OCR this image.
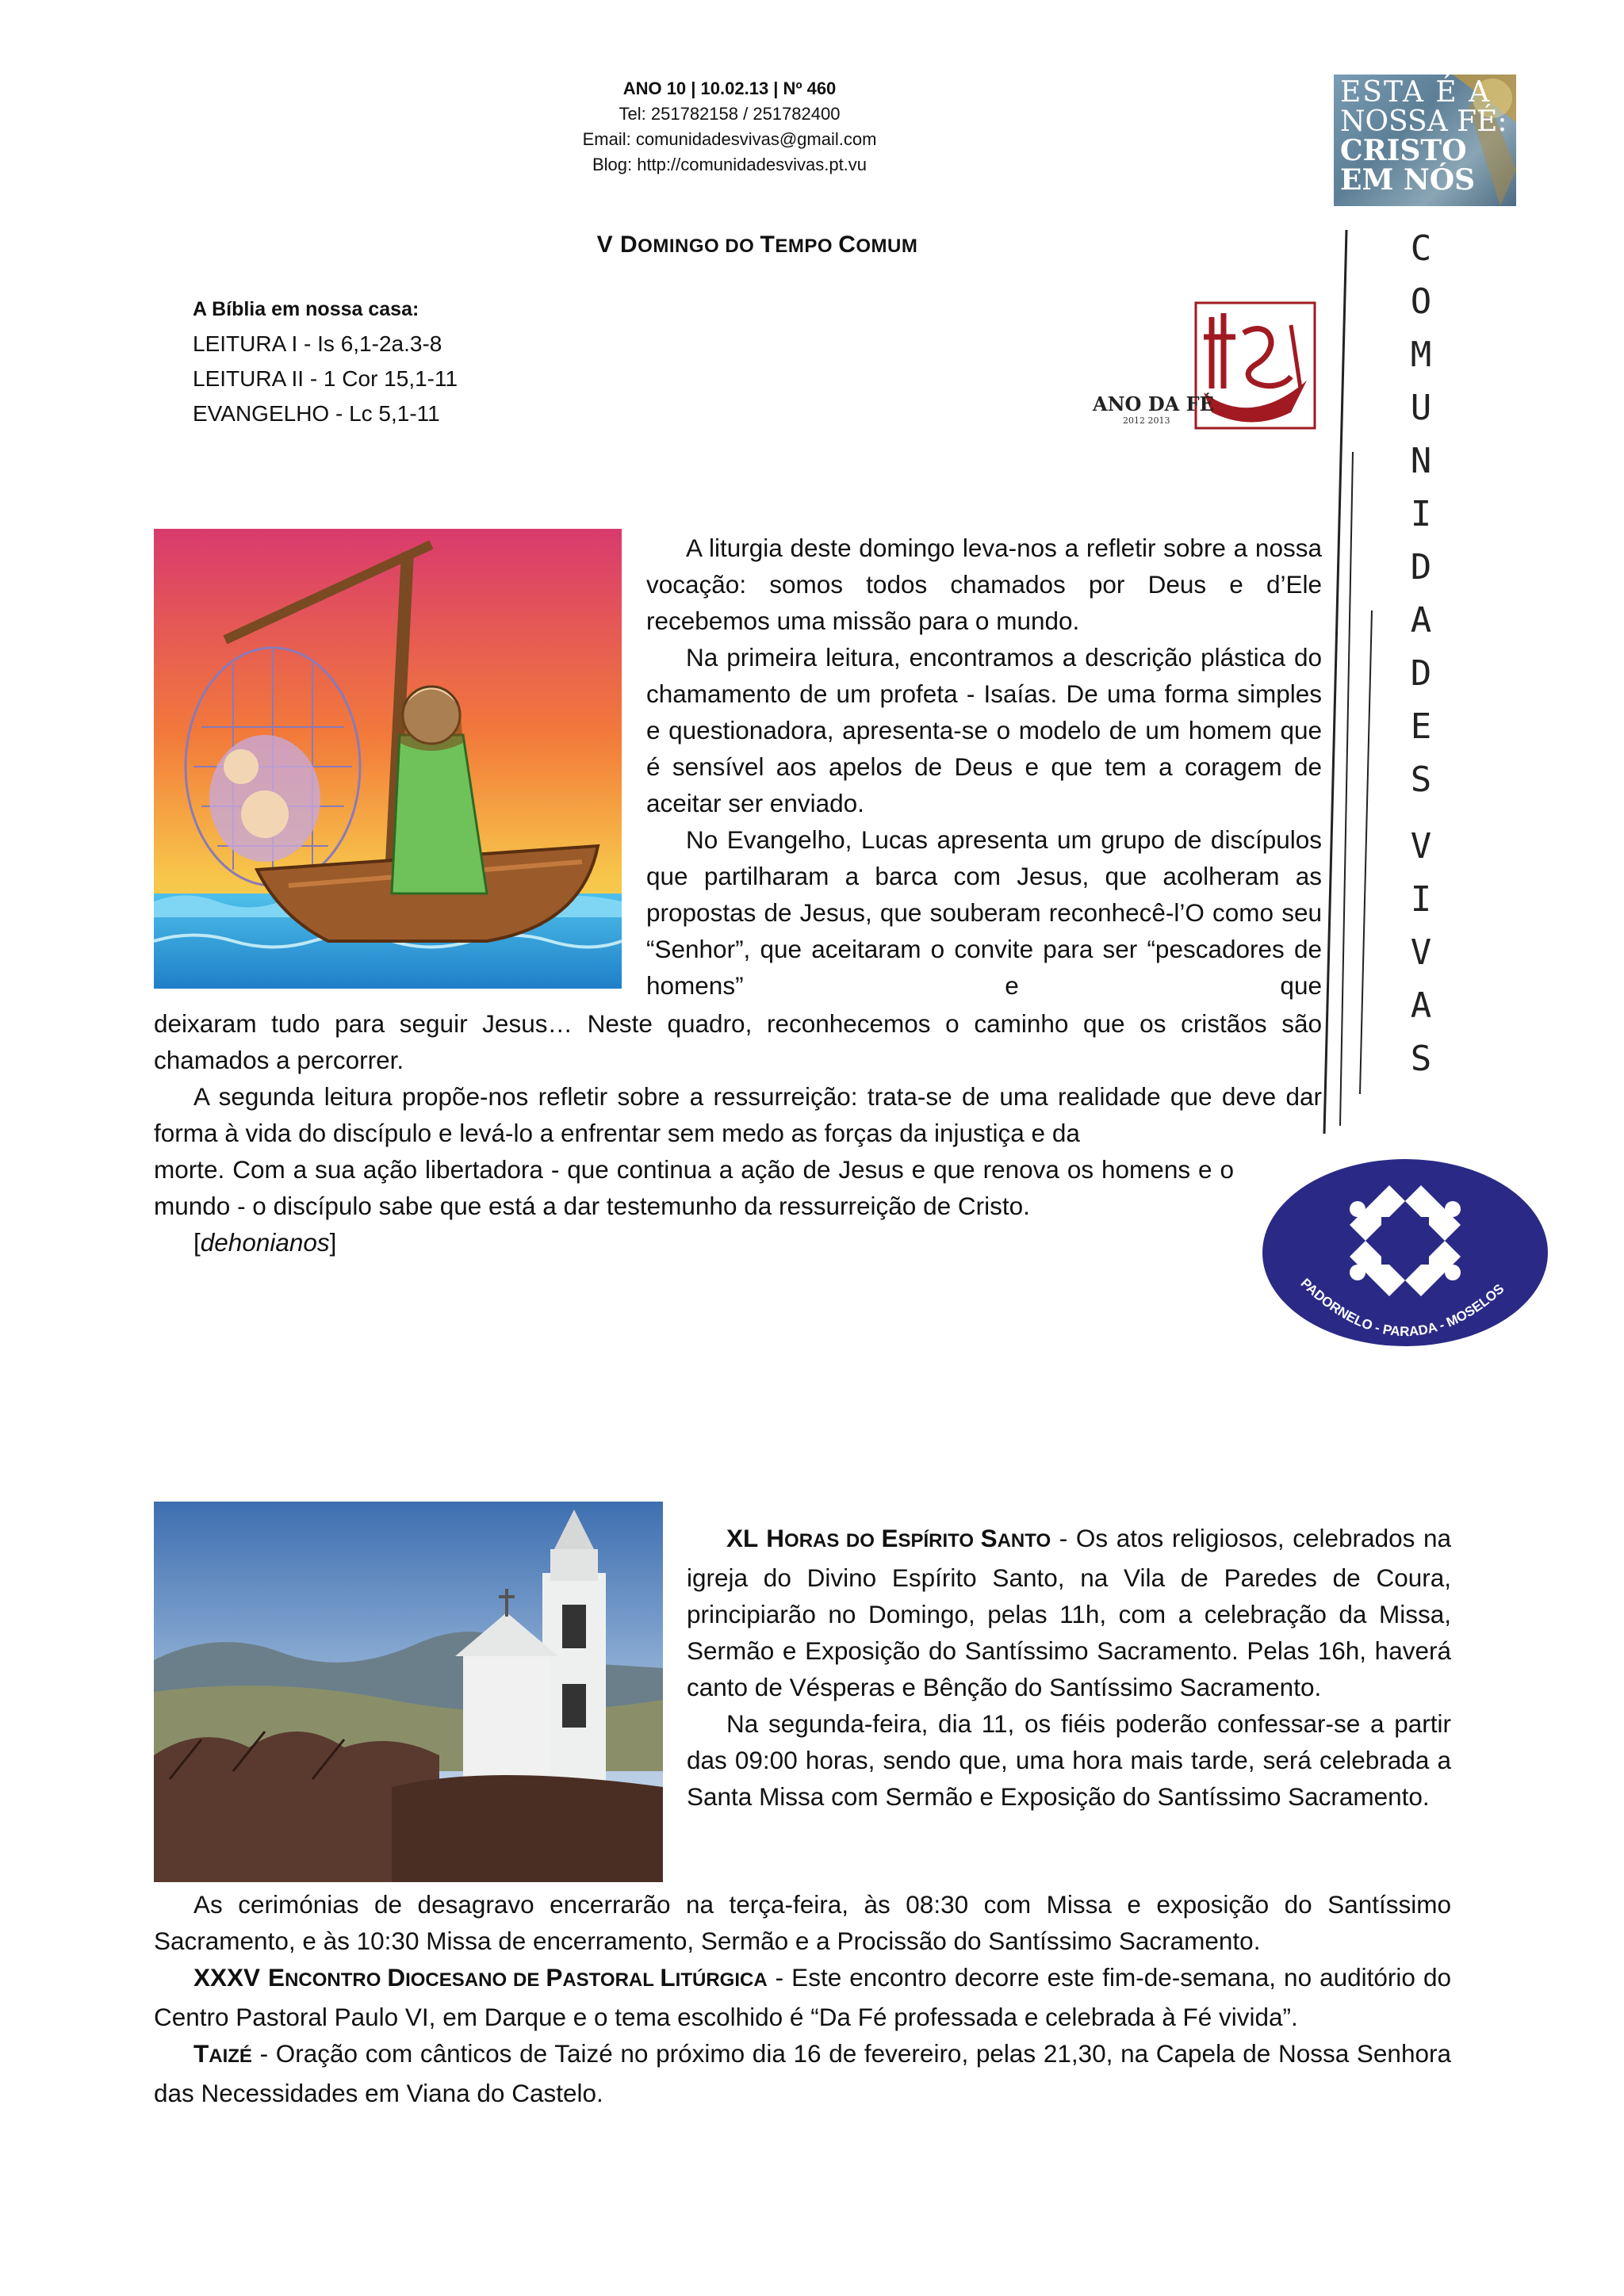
ANO 10 | 10.02.13 | Nº 460
Tel: 251782158 / 251782400
Email: comunidadesvivas@gmail.com
Blog: http://comunidadesvivas.pt.vu
ESTA É A
NOSSA FÉ:
CRISTO
EM NÓS
V DOMINGO DO TEMPO COMUM
A Bíblia em nossa casa:
LEITURA I - Is 6,1-2a.3-8
LEITURA II - 1 Cor 15,1-11
EVANGELHO - Lc 5,1-11	ANO DA FÉ
2012 2013
C
O
M
U
N
I
D
A
D
E
S
V
I
V
A
S

A liturgia deste domingo leva-nos a refletir sobre a nossa vocação: somos todos chamados por Deus e d’Ele recebemos uma missão para o mundo.

Na primeira leitura, encontramos a descrição plástica do chamamento de um profeta - Isaías. De uma forma simples e questionadora, apresenta-se o modelo de um homem que é sensível aos apelos de Deus e que tem a coragem de aceitar ser enviado.

No Evangelho, Lucas apresenta um grupo de discípulos que partilharam a barca com Jesus, que acolheram as propostas de Jesus, que souberam reconhecê-l’O como seu “Senhor”, que aceitaram o convite para ser “pescadores de homens” e que

deixaram tudo para seguir Jesus… Neste quadro, reconhecemos o caminho que os cristãos são chamados a percorrer.

A segunda leitura propõe-nos refletir sobre a ressurreição: trata-se de uma realidade que deve dar forma à vida do discípulo e levá-lo a enfrentar sem medo as forças da injustiça e da

morte. Com a sua ação libertadora - que continua a ação de Jesus e que renova os homens e o mundo - o discípulo sabe que está a dar testemunho da ressurreição de Cristo.

[dehonianos]

PADORNELO - PARADA - MOSELOS

XL HORAS DO ESPÍRITO SANTO - Os atos religiosos, celebrados na igreja do Divino Espírito Santo, na Vila de Paredes de Coura, principiarão no Domingo, pelas 11h, com a celebração da Missa, Sermão e Exposição do Santíssimo Sacramento. Pelas 16h, haverá canto de Vésperas e Bênção do Santíssimo Sacramento.

Na segunda-feira, dia 11, os fiéis poderão confessar-se a partir das 09:00 horas, sendo que, uma hora mais tarde, será celebrada a Santa Missa com Sermão e Exposição do Santíssimo Sacramento.

As cerimónias de desagravo encerrarão na terça-feira, às 08:30 com Missa e exposição do Santíssimo Sacramento, e às 10:30 Missa de encerramento, Sermão e a Procissão do Santíssimo Sacramento.

XXXV ENCONTRO DIOCESANO DE PASTORAL LITÚRGICA - Este encontro decorre este fim-de-semana, no auditório do Centro Pastoral Paulo VI, em Darque e o tema escolhido é “Da Fé professada e celebrada à Fé vivida”.

TAIZÉ - Oração com cânticos de Taizé no próximo dia 16 de fevereiro, pelas 21,30, na Capela de Nossa Senhora das Necessidades em Viana do Castelo.
